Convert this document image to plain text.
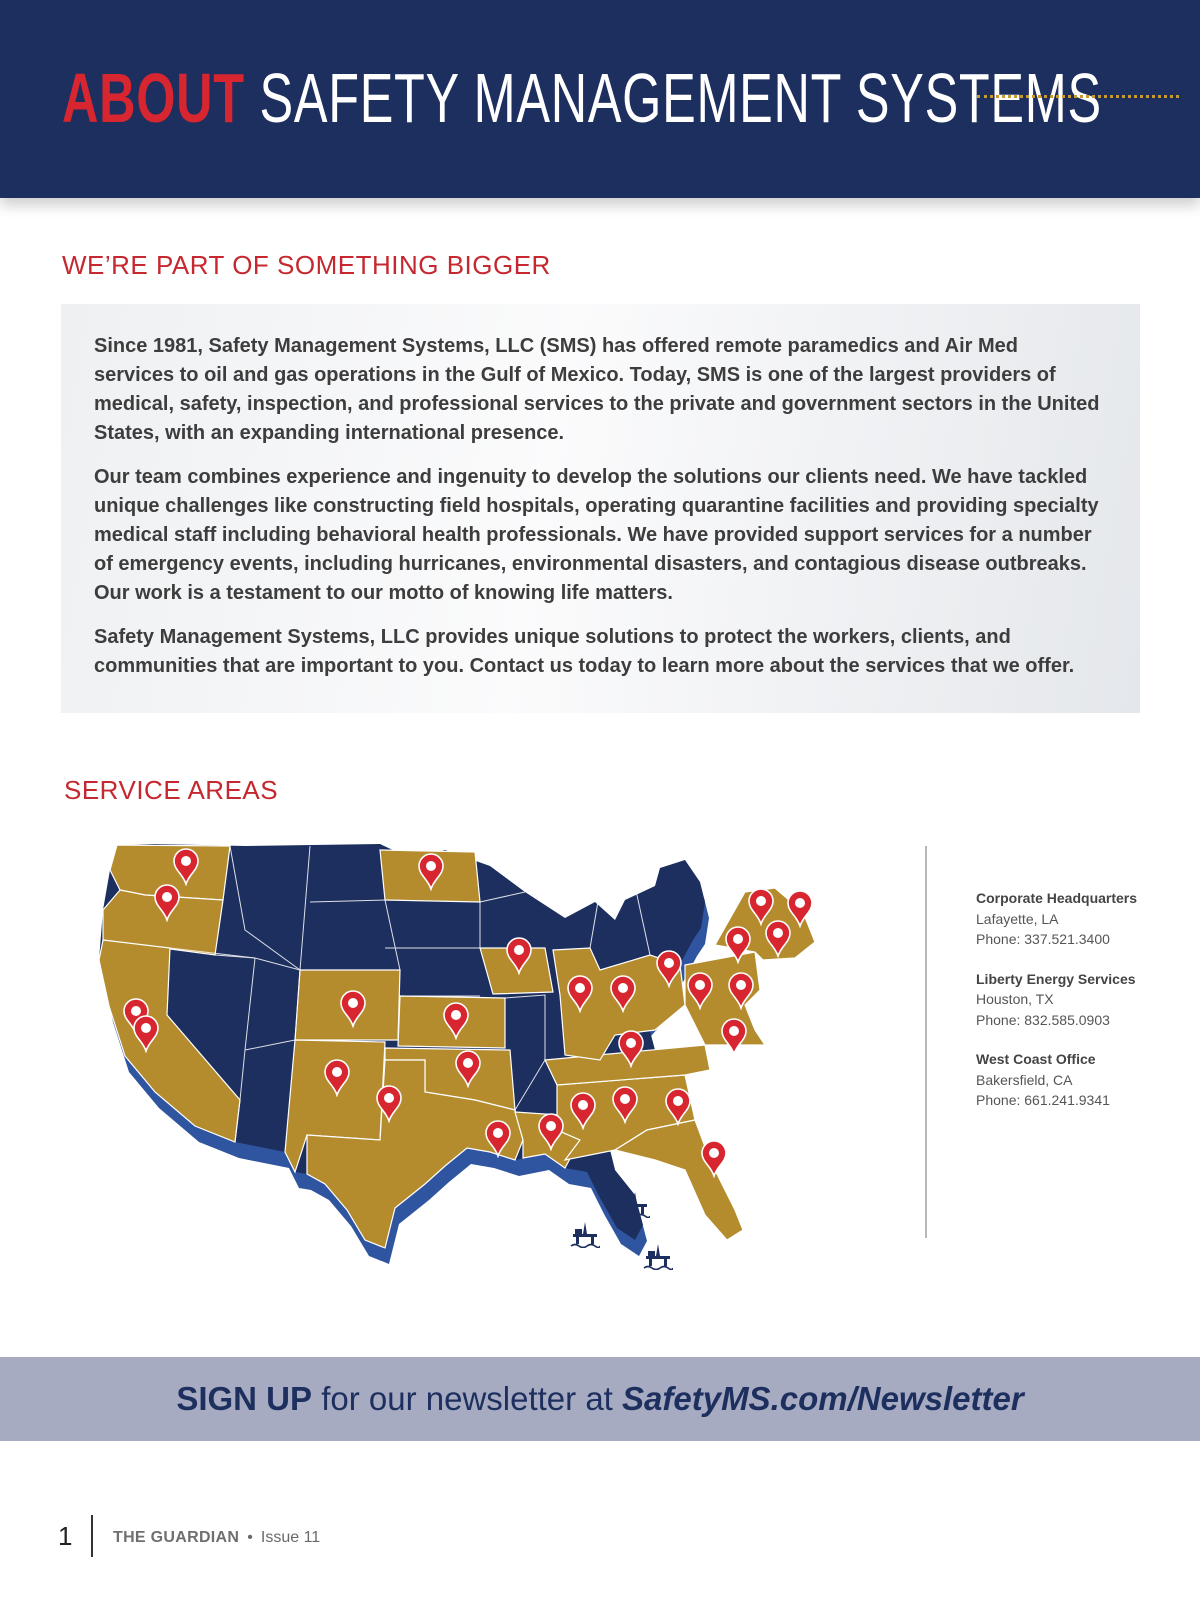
ABOUT SAFETY MANAGEMENT SYSTEMS
WE’RE PART OF SOMETHING BIGGER

Since 1981, Safety Management Systems, LLC (SMS) has offered remote paramedics and Air Med services to oil and gas operations in the Gulf of Mexico. Today, SMS is one of the largest providers of medical, safety, inspection, and professional services to the private and government sectors in the United States, with an expanding international presence.

Our team combines experience and ingenuity to develop the solutions our clients need. We have tackled unique challenges like constructing field hospitals, operating quarantine facilities and providing specialty medical staff including behavioral health professionals. We have provided support services for a number of emergency events, including hurricanes, environmental disasters, and contagious disease outbreaks. Our work is a testament to our motto of knowing life matters.

Safety Management Systems, LLC provides unique solutions to protect the workers, clients, and communities that are important to you. Contact us today to learn more about the services that we offer.

SERVICE AREAS
Corporate Headquarters
Lafayette, LA
Phone: 337.521.3400
Liberty Energy Services
Houston, TX
Phone: 832.585.0903
West Coast Office
Bakersfield, CA
Phone: 661.241.9341
SIGN UP for our newsletter at SafetyMS.com/Newsletter
1	THE GUARDIAN • Issue 11
